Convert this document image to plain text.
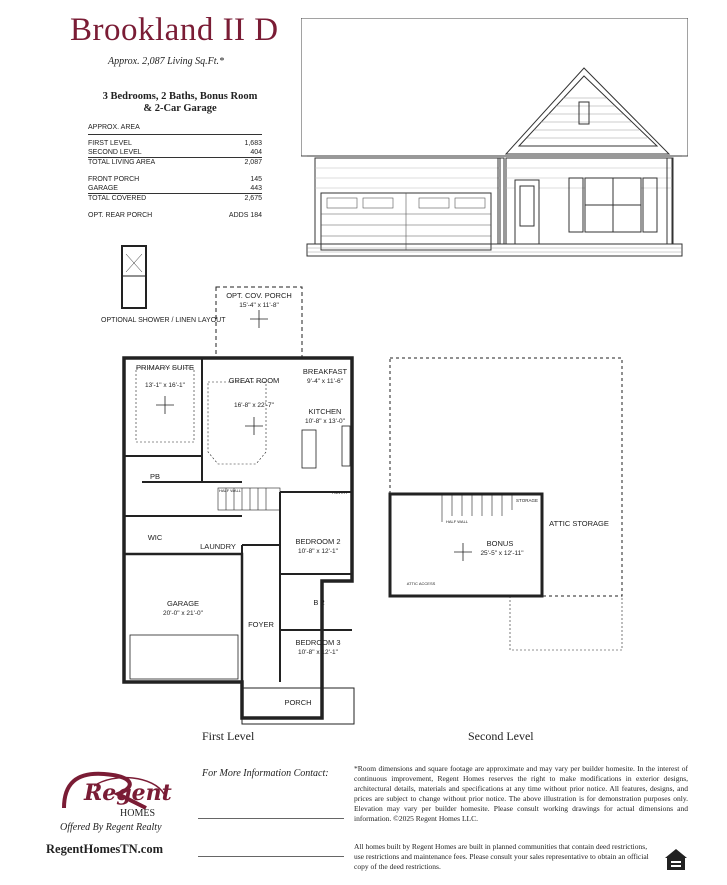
Brookland II D
Approx. 2,087 Living Sq.Ft.*
3 Bedrooms, 2 Baths, Bonus Room
& 2-Car Garage
APPROX. AREA
FIRST LEVEL	1,683
SECOND LEVEL	404
TOTAL LIVING AREA	2,087
FRONT PORCH	145
GARAGE	443
TOTAL COVERED	2,675
OPT. REAR PORCH	ADDS 184
OPTIONAL SHOWER / LINEN LAYOUT
OPT. COV. PORCH
15'-4" x 11'-8"
PRIMARY SUITE
13'-1" x 16'-1"
GREAT ROOM
16'-8" x 22'-7"
BREAKFAST
9'-4" x 11'-6"
KITCHEN
10'-8" x 13'-0"
PB
WIC
LAUNDRY
BEDROOM 2
10'-8" x 12'-1"
B 2
GARAGE
20'-0" x 21'-0"
FOYER
BEDROOM 3
10'-8" x 12'-1"
PORCH
HALF WALL	PANTRY
ATTIC STORAGE
BONUS
25'-5" x 12'-11"
STORAGE
HALF WALL
ATTIC ACCESS
First Level	Second Level
Regent
HOMES
Offered By Regent Realty
RegentHomesTN.com
For More Information Contact:	*Room dimensions and square footage are approximate and may vary per builder homesite. In the interest of continuous improvement, Regent Homes reserves the right to make modifications in exterior designs, architectural details, materials and specifications at any time without prior notice. All features, designs, and prices are subject to change without prior notice. The above illustration is for demonstration purposes only. Elevation may vary per builder homesite. Please consult working drawings for actual dimensions and information. ©2025 Regent Homes LLC.
All homes built by Regent Homes are built in planned communities that contain deed restrictions, use restrictions and maintenance fees. Please consult your sales representative to obtain an official copy of the deed restrictions.
